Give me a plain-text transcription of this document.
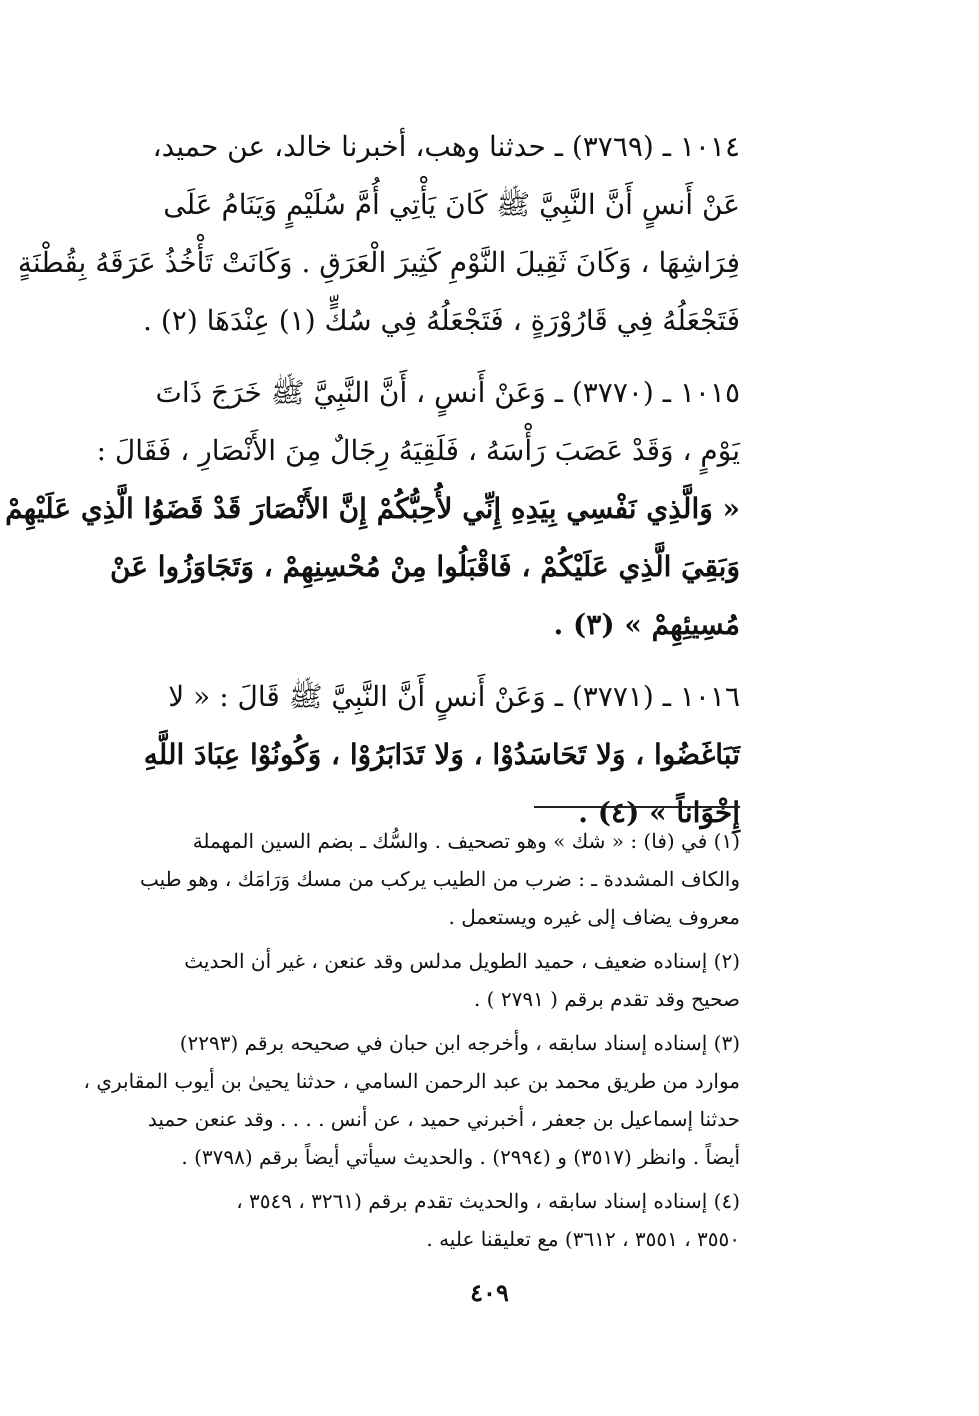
١٠١٤ ـ (٣٧٦٩) ـ حدثنا وهب، أخبرنا خالد، عن حميد،
عَنْ أَنسٍ أَنَّ النَّبِيَّ ﷺ كَانَ يَأْتِي أُمَّ سُلَيْمٍ وَيَنَامُ عَلَى
فِرَاشِهَا ، وَكَانَ ثَقِيلَ النَّوْمِ كَثِيرَ الْعَرَقِ . وَكَانَتْ تَأْخُذُ عَرَقَهُ بِقُطْنَةٍ
فَتَجْعَلُهُ فِي قَارُوْرَةٍ ، فَتَجْعَلُهُ فِي سُكٍّ (١) عِنْدَهَا (٢) .
١٠١٥ ـ (٣٧٧٠) ـ وَعَنْ أَنسٍ ، أَنَّ النَّبِيَّ ﷺ خَرَجَ ذَاتَ
يَوْمٍ ، وَقَدْ عَصَبَ رَأْسَهُ ، فَلَقِيَهُ رِجَالٌ مِنَ الأَنْصَارِ ، فَقَالَ :
« وَالَّذِي نَفْسِي بِيَدِهِ إِنِّي لأُحِبُّكُمْ إِنَّ الأَنْصَارَ قَدْ قَضَوُا الَّذِي عَلَيْهِمْ
وَبَقِيَ الَّذِي عَلَيْكُمْ ، فَاقْبَلُوا مِنْ مُحْسِنِهِمْ ، وَتَجَاوَزُوا عَنْ
مُسِيئِهِمْ » (٣) .
١٠١٦ ـ (٣٧٧١) ـ وَعَنْ أَنسٍ أَنَّ النَّبِيَّ ﷺ قَالَ : « لا
تَبَاغَضُوا ، وَلا تَحَاسَدُوْا ، وَلا تَدَابَرُوْا ، وَكُونُوْا عِبَادَ اللَّهِ
إِخْوَاناً » (٤) .
(١) في (فا) : « شك » وهو تصحيف . والسُّك ـ بضم السين المهملة
والكاف المشددة ـ : ضرب من الطيب يركب من مسك وَرَامَك ، وهو طيب
معروف يضاف إلى غيره ويستعمل .
(٢) إسناده ضعيف ، حميد الطويل مدلس وقد عنعن ، غير أن الحديث
صحيح وقد تقدم برقم ( ٢٧٩١ ) .
(٣) إسناده إسناد سابقه ، وأخرجه ابن حبان في صحيحه برقم (٢٢٩٣)
موارد من طريق محمد بن عبد الرحمن السامي ، حدثنا يحيىٰ بن أيوب المقابري ،
حدثنا إسماعيل بن جعفر ، أخبرني حميد ، عن أنس . . . . وقد عنعن حميد
أيضاً . وانظر (٣٥١٧) و (٢٩٩٤) . والحديث سيأتي أيضاً برقم (٣٧٩٨) .
(٤) إسناده إسناد سابقه ، والحديث تقدم برقم (٣٢٦١ ، ٣٥٤٩ ،
٣٥٥٠ ، ٣٥٥١ ، ٣٦١٢) مع تعليقنا عليه .
٤٠٩
